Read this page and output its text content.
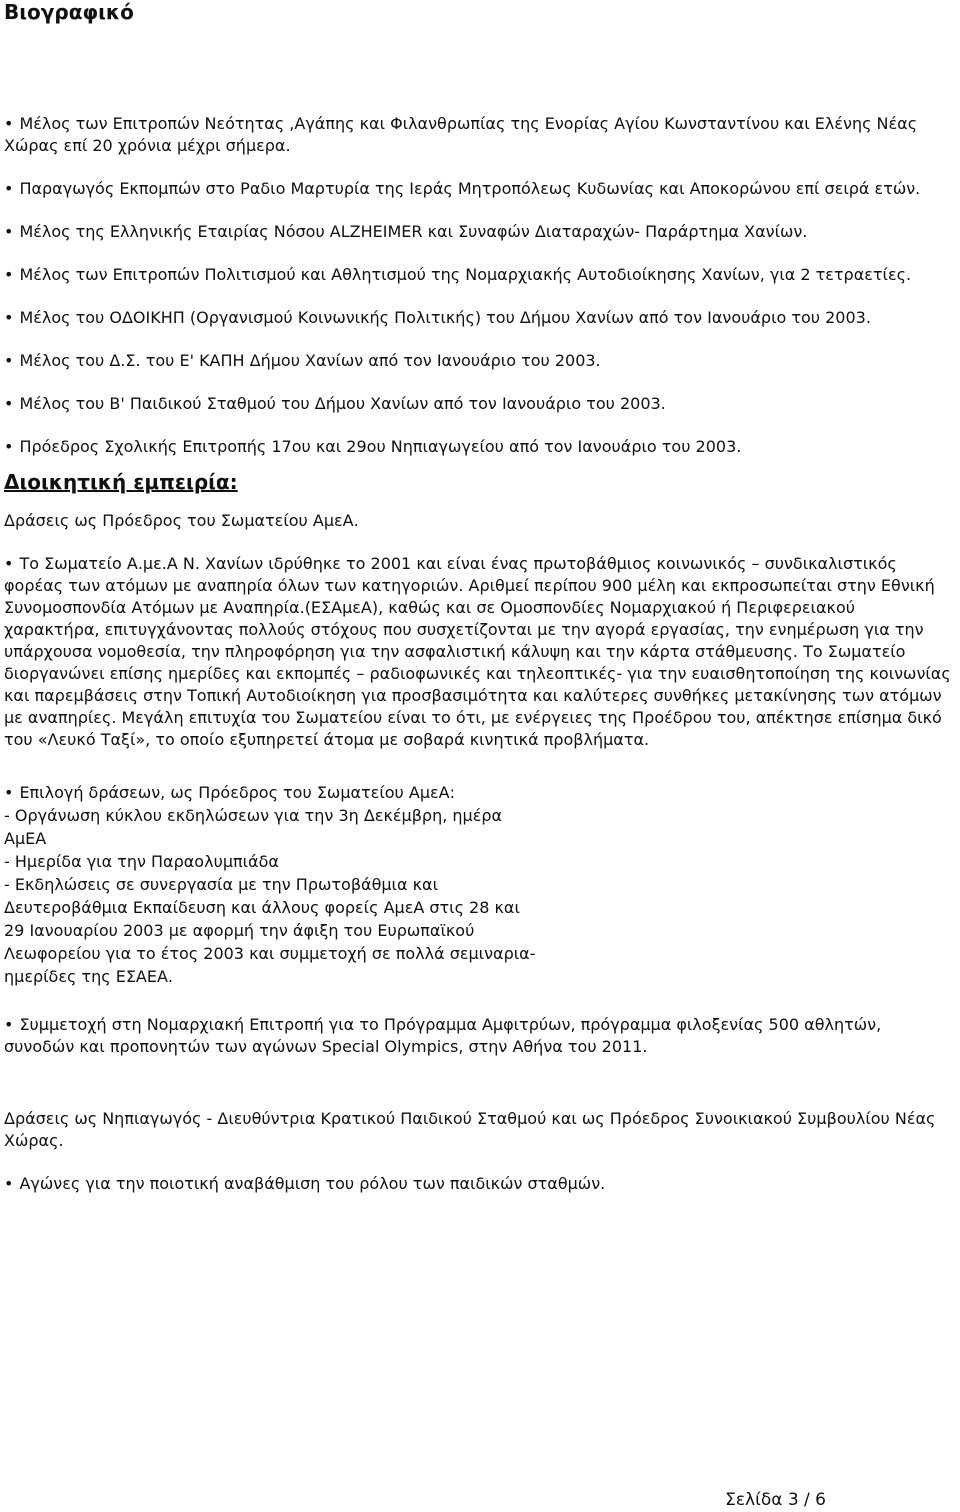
Βιογραφικό
• Μέλος των Επιτροπών Νεότητας ,Αγάπης και Φιλανθρωπίας της Ενορίας Αγίου Κωνσταντίνου και Ελένης Νέας Χώρας επί 20 χρόνια μέχρι σήμερα.
• Παραγωγός Εκπομπών στο Ραδιο Μαρτυρία της Ιεράς Μητροπόλεως Κυδωνίας και Αποκορώνου επί σειρά ετών.
• Μέλος της Ελληνικής Εταιρίας Νόσου ALZHEIMER και Συναφών Διαταραχών- Παράρτημα Χανίων.
• Μέλος των Επιτροπών Πολιτισμού και Αθλητισμού της Νομαρχιακής Αυτοδιοίκησης Χανίων, για 2 τετραετίες.
• Μέλος του ΟΔΟΙΚΗΠ (Οργανισμού Κοινωνικής Πολιτικής) του Δήμου Χανίων από τον Ιανουάριο του 2003.
• Μέλος του Δ.Σ. του Ε' ΚΑΠΗ Δήμου Χανίων από τον Ιανουάριο του 2003.
• Μέλος του Β' Παιδικού Σταθμού του Δήμου Χανίων από τον Ιανουάριο του 2003.
• Πρόεδρος Σχολικής Επιτροπής 17ου και 29ου Νηπιαγωγείου από τον Ιανουάριο του 2003.
Διοικητική εμπειρία:
Δράσεις ως Πρόεδρος του Σωματείου ΑμεΑ.
• Το Σωματείο Α.με.Α Ν. Χανίων ιδρύθηκε το 2001 και είναι ένας πρωτοβάθμιος κοινωνικός – συνδικαλιστικός φορέας των ατόμων με αναπηρία όλων των κατηγοριών. Αριθμεί περίπου 900 μέλη και εκπροσωπείται στην Εθνική Συνομοσπονδία Ατόμων με Αναπηρία.(ΕΣΑμεΑ), καθώς και σε Ομοσπονδίες Νομαρχιακού ή Περιφερειακού χαρακτήρα, επιτυγχάνοντας πολλούς στόχους που συσχετίζονται με την αγορά εργασίας, την ενημέρωση για την υπάρχουσα νομοθεσία, την πληροφόρηση για την ασφαλιστική κάλυψη και την κάρτα στάθμευσης. Το Σωματείο διοργανώνει επίσης ημερίδες και εκπομπές – ραδιοφωνικές και τηλεοπτικές- για την ευαισθητοποίηση της κοινωνίας και παρεμβάσεις στην Τοπική Αυτοδιοίκηση για προσβασιμότητα και καλύτερες συνθήκες μετακίνησης των ατόμων με αναπηρίες. Μεγάλη επιτυχία του Σωματείου είναι το ότι, με ενέργειες της Προέδρου του, απέκτησε επίσημα δικό του «Λευκό Ταξί», το οποίο εξυπηρετεί άτομα με σοβαρά κινητικά προβλήματα.
• Επιλογή δράσεων, ως Πρόεδρος του Σωματείου ΑμεΑ:
- Οργάνωση κύκλου εκδηλώσεων για την 3η Δεκέμβρη, ημέρα
ΑμΕΑ
- Ημερίδα για την Παραολυμπιάδα
- Εκδηλώσεις σε συνεργασία με την Πρωτοβάθμια και
Δευτεροβάθμια Εκπαίδευση και άλλους φορείς ΑμεΑ στις 28 και
29 Ιανουαρίου 2003 με αφορμή την άφιξη του Ευρωπαϊκού
Λεωφορείου για το έτος 2003 και συμμετοχή σε πολλά σεμιναρια-
ημερίδες της ΕΣΑΕΑ.
• Συμμετοχή στη Νομαρχιακή Επιτροπή για το Πρόγραμμα Αμφιτρύων, πρόγραμμα φιλοξενίας 500 αθλητών, συνοδών και προπονητών των αγώνων Special Olympics, στην Αθήνα του 2011.
Δράσεις ως Νηπιαγωγός - Διευθύντρια Κρατικού Παιδικού Σταθμού και ως Πρόεδρος Συνοικιακού Συμβουλίου Νέας Χώρας.
• Αγώνες για την ποιοτική αναβάθμιση του ρόλου των παιδικών σταθμών.
Σελίδα 3 / 6
